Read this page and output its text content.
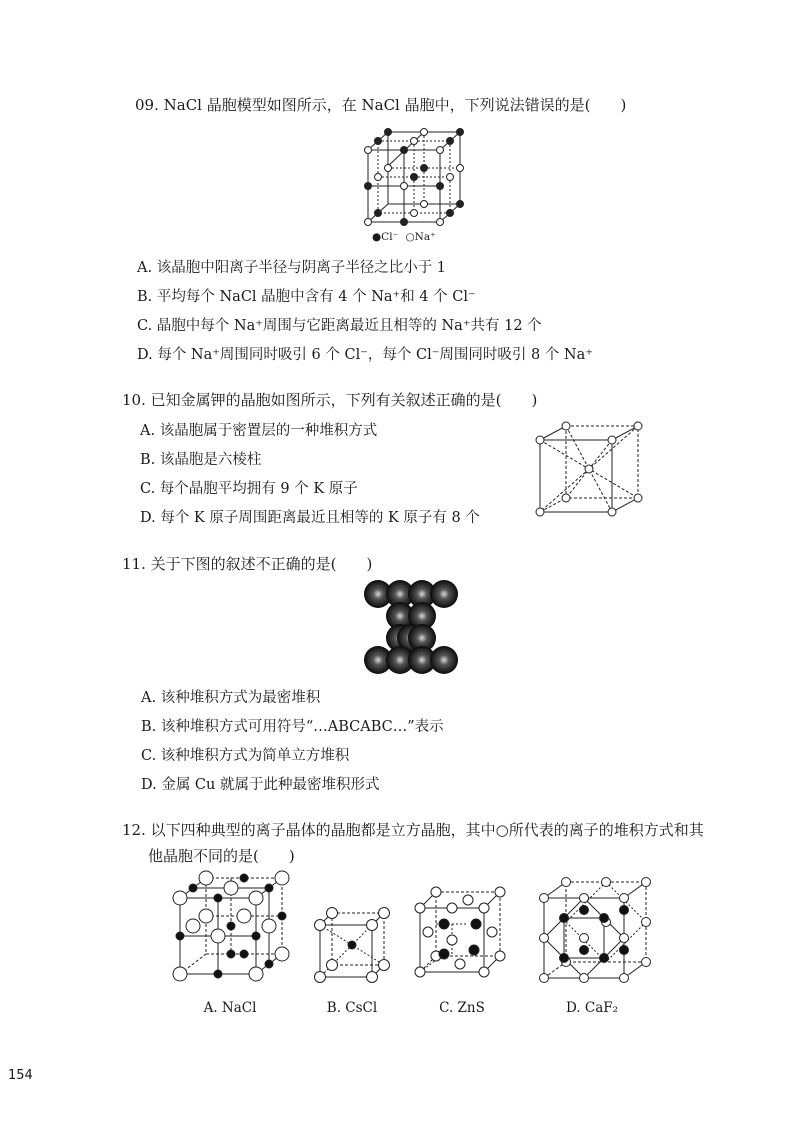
09. NaCl 晶胞模型如图所示，在 NaCl 晶胞中，下列说法错误的是(　　)
●Cl⁻ ○Na⁺
A. 该晶胞中阳离子半径与阴离子半径之比小于 1
B. 平均每个 NaCl 晶胞中含有 4 个 Na⁺和 4 个 Cl⁻
C. 晶胞中每个 Na⁺周围与它距离最近且相等的 Na⁺共有 12 个
D. 每个 Na⁺周围同时吸引 6 个 Cl⁻，每个 Cl⁻周围同时吸引 8 个 Na⁺
10. 已知金属钾的晶胞如图所示，下列有关叙述正确的是(　　)
A. 该晶胞属于密置层的一种堆积方式
B. 该晶胞是六棱柱
C. 每个晶胞平均拥有 9 个 K 原子
D. 每个 K 原子周围距离最近且相等的 K 原子有 8 个
11. 关于下图的叙述不正确的是(　　)
A. 该种堆积方式为最密堆积
B. 该种堆积方式可用符号“…ABCABC…”表示
C. 该种堆积方式为简单立方堆积
D. 金属 Cu 就属于此种最密堆积形式
12. 以下四种典型的离子晶体的晶胞都是立方晶胞，其中○所代表的离子的堆积方式和其
他晶胞不同的是(　　)
A. NaCl	B. CsCl	C. ZnS	D. CaF₂
154
